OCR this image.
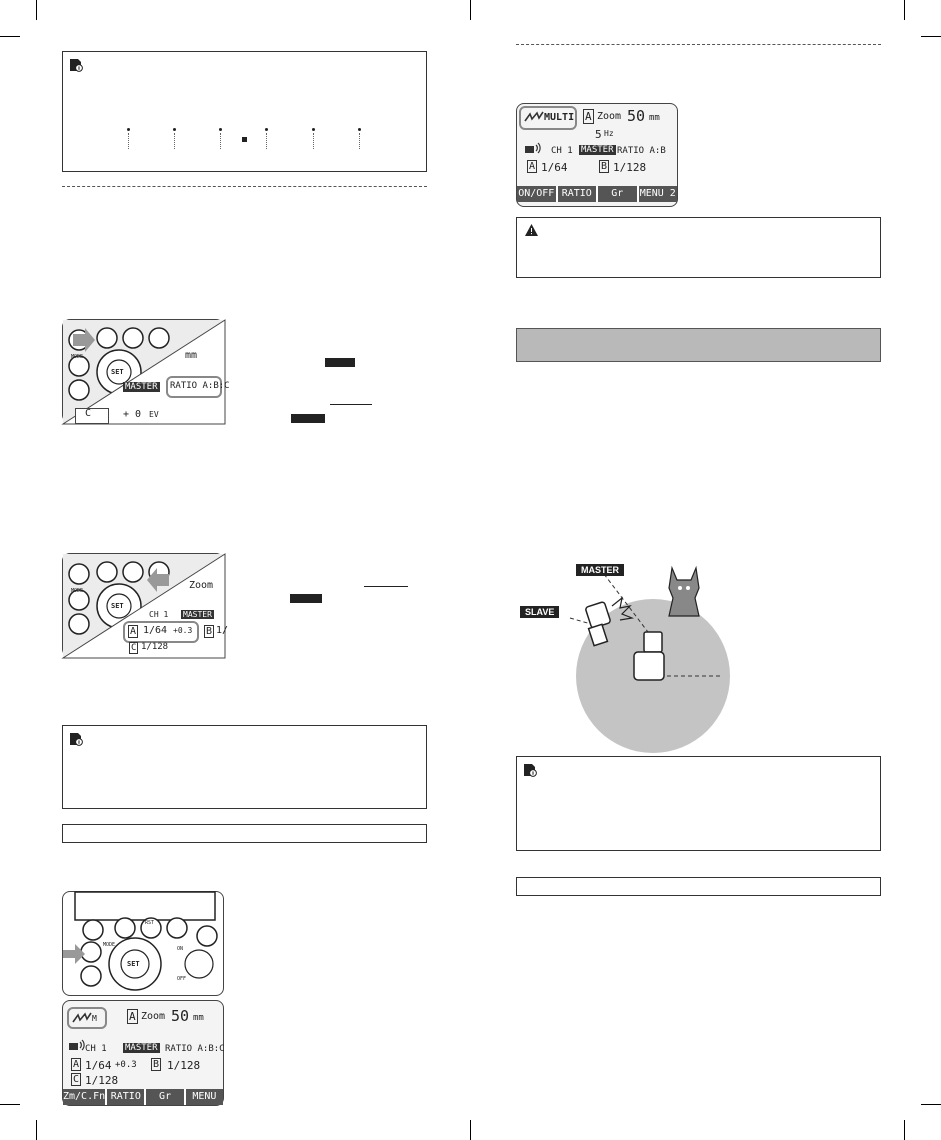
SET
MODE	mm
MASTER RATIO A:B:C
C	+ 0 EV
SET
MODE	Zoom
CH 1 MASTER
A 1/64 +0.3 B 1/
C 1/128
SET
MODE
RST
ON
OFF
M	A Zoom 50 mm
CH 1 MASTER RATIO A:B:C
A 1/64 +0.3 B 1/128
C 1/128
Zm/C.Fn RATIO	Gr	MENU
MULTI A Zoom 50 mm
5 Hz
CH 1 MASTER RATIO A:B
A 1/64	B 1/128
ON/OFF RATIO	Gr	MENU 2
MASTER
SLAVE
